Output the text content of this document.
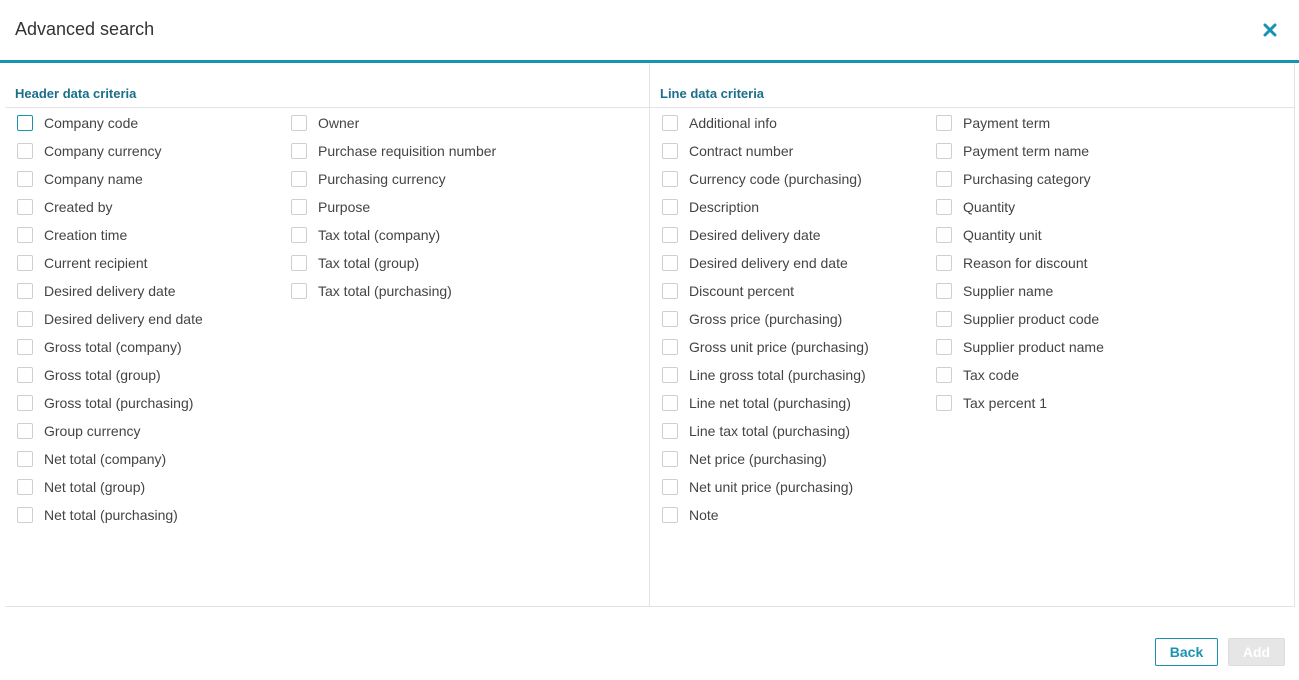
Advanced search
Header data criteria
Company code
Company currency
Company name
Created by
Creation time
Current recipient
Desired delivery date
Desired delivery end date
Gross total (company)
Gross total (group)
Gross total (purchasing)
Group currency
Net total (company)
Net total (group)
Net total (purchasing)
Owner
Purchase requisition number
Purchasing currency
Purpose
Tax total (company)
Tax total (group)
Tax total (purchasing)
Line data criteria
Additional info
Contract number
Currency code (purchasing)
Description
Desired delivery date
Desired delivery end date
Discount percent
Gross price (purchasing)
Gross unit price (purchasing)
Line gross total (purchasing)
Line net total (purchasing)
Line tax total (purchasing)
Net price (purchasing)
Net unit price (purchasing)
Note
Payment term
Payment term name
Purchasing category
Quantity
Quantity unit
Reason for discount
Supplier name
Supplier product code
Supplier product name
Tax code
Tax percent 1
Back	Add
